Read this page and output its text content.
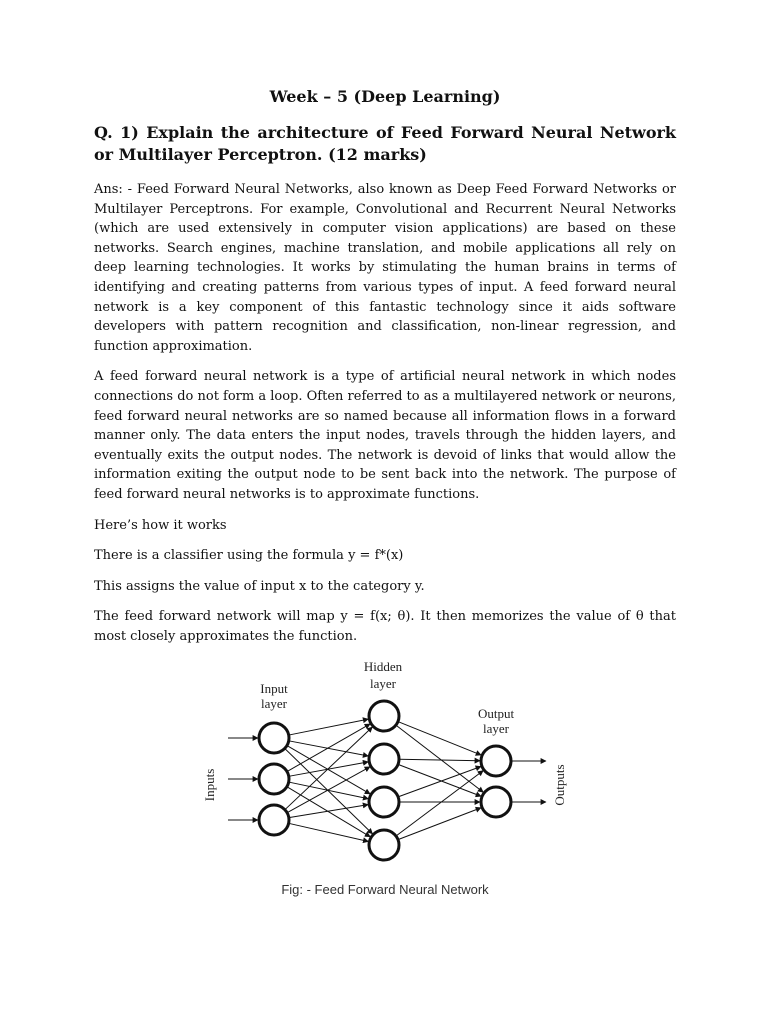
Week – 5 (Deep Learning)
Q. 1) Explain the architecture of Feed Forward Neural Network or Multilayer Perceptron. (12 marks)
Ans: - Feed Forward Neural Networks, also known as Deep Feed Forward Networks or Multilayer Perceptrons. For example, Convolutional and Recurrent Neural Networks (which are used extensively in computer vision applications) are based on these networks. Search engines, machine translation, and mobile applications all rely on deep learning technologies. It works by stimulating the human brains in terms of identifying and creating patterns from various types of input. A feed forward neural network is a key component of this fantastic technology since it aids software developers with pattern recognition and classification, non-linear regression, and function approximation.
A feed forward neural network is a type of artificial neural network in which nodes connections do not form a loop. Often referred to as a multilayered network or neurons, feed forward neural networks are so named because all information flows in a forward manner only. The data enters the input nodes, travels through the hidden layers, and eventually exits the output nodes. The network is devoid of links that would allow the information exiting the output node to be sent back into the network. The purpose of feed forward neural networks is to approximate functions.
Here’s how it works
There is a classifier using the formula y = f*(x)
This assigns the value of input x to the category y.
The feed forward network will map y = f(x; θ). It then memorizes the value of θ that most closely approximates the function.
Input
layer
Hidden
layer
Output
layer
Inputs	Outputs
Fig: - Feed Forward Neural Network
